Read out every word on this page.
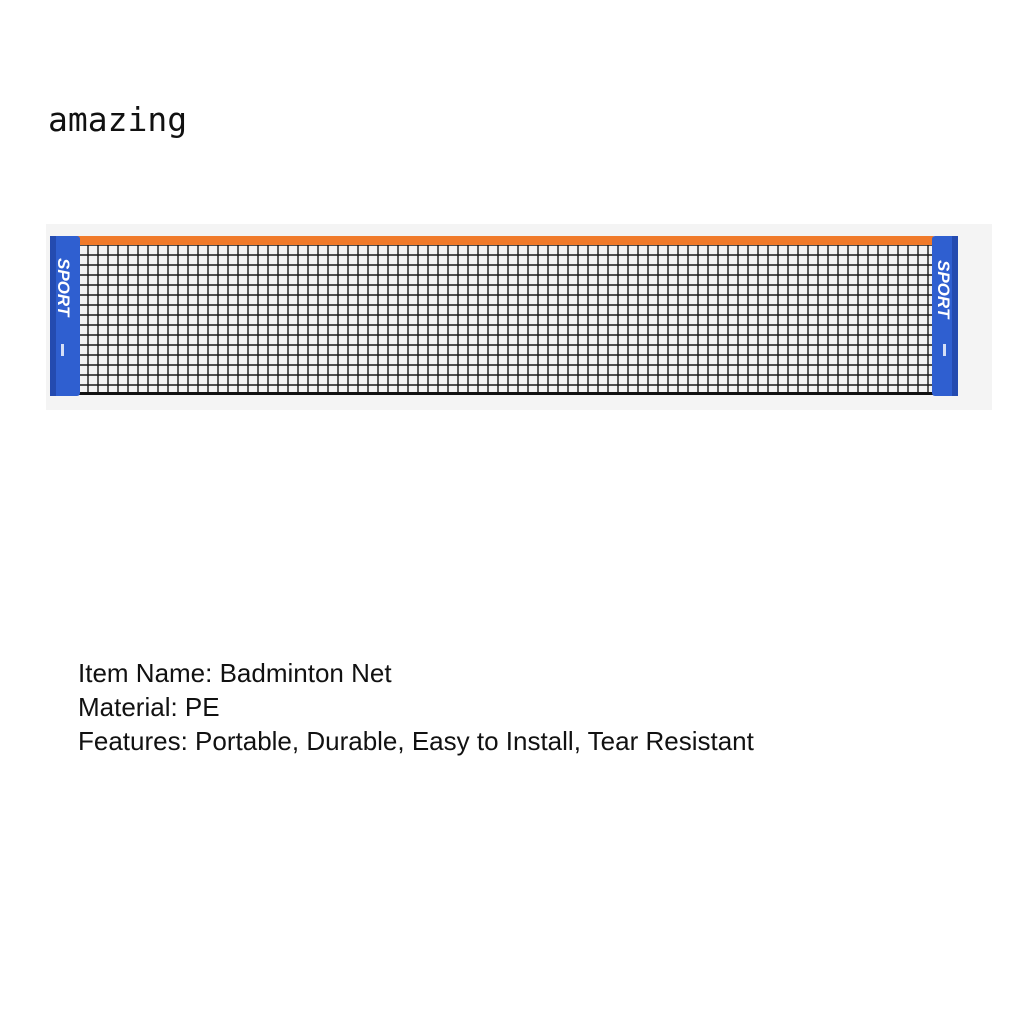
amazing
SPORT	SPORT
Item Name: Badminton Net
Material: PE
Features: Portable, Durable, Easy to Install, Tear Resistant
